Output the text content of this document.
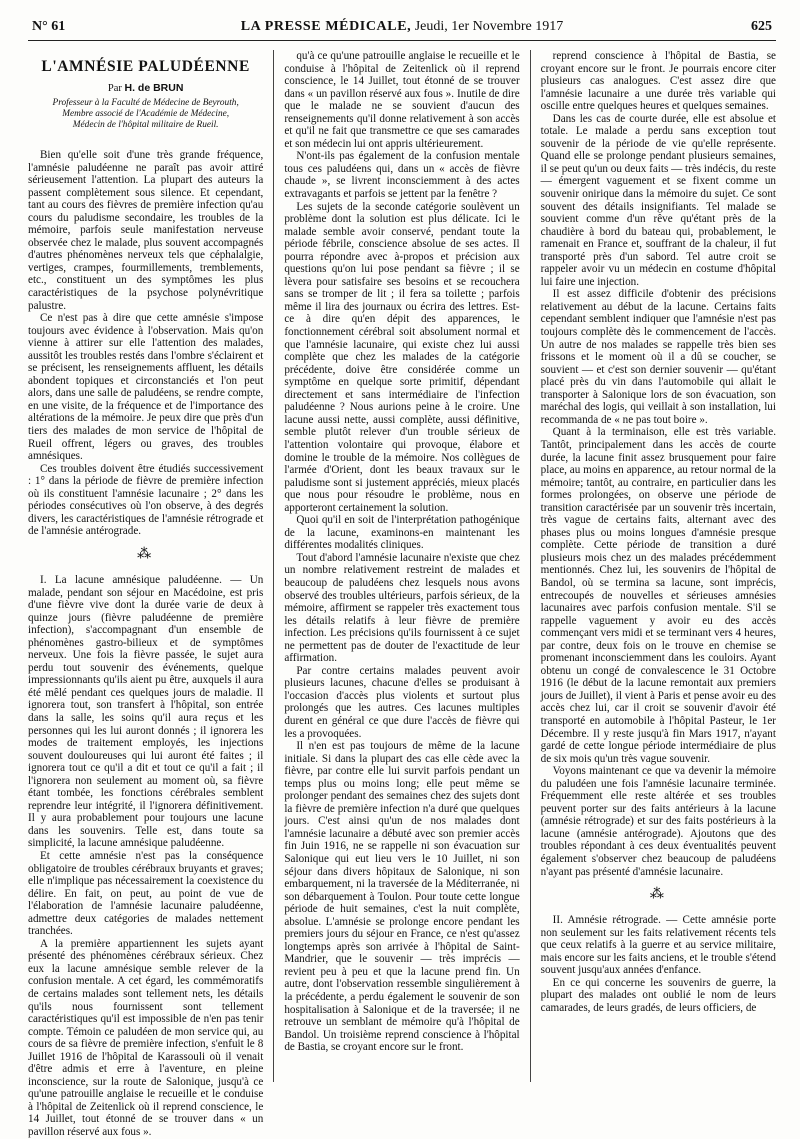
N° 61	LA PRESSE MÉDICALE, Jeudi, 1er Novembre 1917	625
L'AMNÉSIE PALUDÉENNE
Par H. de BRUN
Professeur à la Faculté de Médecine de Beyrouth,
Membre associé de l'Académie de Médecine,
Médecin de l'hôpital militaire de Rueil.

Bien qu'elle soit d'une très grande fréquence, l'amnésie paludéenne ne paraît pas avoir attiré sérieusement l'attention. La plupart des auteurs la passent complètement sous silence. Et cependant, tant au cours des fièvres de première infection qu'au cours du paludisme secondaire, les troubles de la mémoire, parfois seule manifestation nerveuse observée chez le malade, plus souvent accompagnés d'autres phénomènes nerveux tels que céphalalgie, vertiges, crampes, fourmillements, tremblements, etc., constituent un des symptômes les plus caractéristiques de la psychose polynévritique palustre.

Ce n'est pas à dire que cette amnésie s'impose toujours avec évidence à l'observation. Mais qu'on vienne à attirer sur elle l'attention des malades, aussitôt les troubles restés dans l'ombre s'éclairent et se précisent, les renseignements affluent, les détails abondent topiques et circonstanciés et l'on peut alors, dans une salle de paludéens, se rendre compte, en une visite, de la fréquence et de l'importance des altérations de la mémoire. Je peux dire que près d'un tiers des malades de mon service de l'hôpital de Rueil offrent, légers ou graves, des troubles amnésiques.

Ces troubles doivent être étudiés successivement : 1° dans la période de fièvre de première infection où ils constituent l'amnésie lacunaire ; 2° dans les périodes consécutives où l'on observe, à des degrés divers, les caractéristiques de l'amnésie rétrograde et de l'amnésie antérograde.

⁂

I. La lacune amnésique paludéenne. — Un malade, pendant son séjour en Macédoine, est pris d'une fièvre vive dont la durée varie de deux à quinze jours (fièvre paludéenne de première infection), s'accompagnant d'un ensemble de phénomènes gastro-bilieux et de symptômes nerveux. Une fois la fièvre passée, le sujet aura perdu tout souvenir des événements, quelque impressionnants qu'ils aient pu être, auxquels il aura été mêlé pendant ces quelques jours de maladie. Il ignorera tout, son transfert à l'hôpital, son entrée dans la salle, les soins qu'il aura reçus et les personnes qui les lui auront donnés ; il ignorera les modes de traitement employés, les injections souvent douloureuses qui lui auront été faites ; il ignorera tout ce qu'il a dit et tout ce qu'il a fait ; il l'ignorera non seulement au moment où, sa fièvre étant tombée, les fonctions cérébrales semblent reprendre leur intégrité, il l'ignorera définitivement. Il y aura probablement pour toujours une lacune dans les souvenirs. Telle est, dans toute sa simplicité, la lacune amnésique paludéenne.

Et cette amnésie n'est pas la conséquence obligatoire de troubles cérébraux bruyants et graves; elle n'implique pas nécessairement la coexistence du délire. En fait, on peut, au point de vue de l'élaboration de l'amnésie lacunaire paludéenne, admettre deux catégories de malades nettement tranchées.

A la première appartiennent les sujets ayant présenté des phénomènes cérébraux sérieux. Chez eux la lacune amnésique semble relever de la confusion mentale. A cet égard, les commémoratifs de certains malades sont tellement nets, les détails qu'ils nous fournissent sont tellement caractéristiques qu'il est impossible de n'en pas tenir compte. Témoin ce paludéen de mon service qui, au cours de sa fièvre de première infection, s'enfuit le 8 Juillet 1916 de l'hôpital de Karassouli où il venait d'être admis et erre à l'aventure, en pleine inconscience, sur la route de Salonique, jusqu'à ce qu'une patrouille anglaise le recueille et le conduise à l'hôpital de Zeitenlick où il reprend conscience, le 14 Juillet, tout étonné de se trouver dans « un pavillon réservé aux fous ».

qu'à ce qu'une patrouille anglaise le recueille et le conduise à l'hôpital de Zeitenlick où il reprend conscience, le 14 Juillet, tout étonné de se trouver dans « un pavillon réservé aux fous ». Inutile de dire que le malade ne se souvient d'aucun des renseignements qu'il donne relativement à son accès et qu'il ne fait que transmettre ce que ses camarades et son médecin lui ont appris ultérieurement.

N'ont-ils pas également de la confusion mentale tous ces paludéens qui, dans un « accès de fièvre chaude », se livrent inconsciemment à des actes extravagants et parfois se jettent par la fenêtre ?

Les sujets de la seconde catégorie soulèvent un problème dont la solution est plus délicate. Ici le malade semble avoir conservé, pendant toute la période fébrile, conscience absolue de ses actes. Il pourra répondre avec à-propos et précision aux questions qu'on lui pose pendant sa fièvre ; il se lèvera pour satisfaire ses besoins et se recouchera sans se tromper de lit ; il fera sa toilette ; parfois même il lira des journaux ou écrira des lettres. Est-ce à dire qu'en dépit des apparences, le fonctionnement cérébral soit absolument normal et que l'amnésie lacunaire, qui existe chez lui aussi complète que chez les malades de la catégorie précédente, doive être considérée comme un symptôme en quelque sorte primitif, dépendant directement et sans intermédiaire de l'infection paludéenne ? Nous aurions peine à le croire. Une lacune aussi nette, aussi complète, aussi définitive, semble plutôt relever d'un trouble sérieux de l'attention volontaire qui provoque, élabore et domine le trouble de la mémoire. Nos collègues de l'armée d'Orient, dont les beaux travaux sur le paludisme sont si justement appréciés, mieux placés que nous pour résoudre le problème, nous en apporteront certainement la solution.

Quoi qu'il en soit de l'interprétation pathogénique de la lacune, examinons-en maintenant les différentes modalités cliniques.

Tout d'abord l'amnésie lacunaire n'existe que chez un nombre relativement restreint de malades et beaucoup de paludéens chez lesquels nous avons observé des troubles ultérieurs, parfois sérieux, de la mémoire, affirment se rappeler très exactement tous les détails relatifs à leur fièvre de première infection. Les précisions qu'ils fournissent à ce sujet ne permettent pas de douter de l'exactitude de leur affirmation.

Par contre certains malades peuvent avoir plusieurs lacunes, chacune d'elles se produisant à l'occasion d'accès plus violents et surtout plus prolongés que les autres. Ces lacunes multiples durent en général ce que dure l'accès de fièvre qui les a provoquées.

Il n'en est pas toujours de même de la lacune initiale. Si dans la plupart des cas elle cède avec la fièvre, par contre elle lui survit parfois pendant un temps plus ou moins long; elle peut même se prolonger pendant des semaines chez des sujets dont la fièvre de première infection n'a duré que quelques jours. C'est ainsi qu'un de nos malades dont l'amnésie lacunaire a débuté avec son premier accès fin Juin 1916, ne se rappelle ni son évacuation sur Salonique qui eut lieu vers le 10 Juillet, ni son séjour dans divers hôpitaux de Salonique, ni son embarquement, ni la traversée de la Méditerranée, ni son débarquement à Toulon. Pour toute cette longue période de huit semaines, c'est la nuit complète, absolue. L'amnésie se prolonge encore pendant les premiers jours du séjour en France, ce n'est qu'assez longtemps après son arrivée à l'hôpital de Saint-Mandrier, que le souvenir — très imprécis — revient peu à peu et que la lacune prend fin. Un autre, dont l'observation ressemble singulièrement à la précédente, a perdu également le souvenir de son hospitalisation à Salonique et de la traversée; il ne retrouve un semblant de mémoire qu'à l'hôpital de Bandol. Un troisième reprend conscience à l'hôpital de Bastia, se croyant encore sur le front.

reprend conscience à l'hôpital de Bastia, se croyant encore sur le front. Je pourrais encore citer plusieurs cas analogues. C'est assez dire que l'amnésie lacunaire a une durée très variable qui oscille entre quelques heures et quelques semaines.

Dans les cas de courte durée, elle est absolue et totale. Le malade a perdu sans exception tout souvenir de la période de vie qu'elle représente. Quand elle se prolonge pendant plusieurs semaines, il se peut qu'un ou deux faits — très indécis, du reste — émergent vaguement et se fixent comme un souvenir onirique dans la mémoire du sujet. Ce sont souvent des détails insignifiants. Tel malade se souvient comme d'un rêve qu'étant près de la chaudière à bord du bateau qui, probablement, le ramenait en France et, souffrant de la chaleur, il fut transporté près d'un sabord. Tel autre croit se rappeler avoir vu un médecin en costume d'hôpital lui faire une injection.

Il est assez difficile d'obtenir des précisions relativement au début de la lacune. Certains faits cependant semblent indiquer que l'amnésie n'est pas toujours complète dès le commencement de l'accès. Un autre de nos malades se rappelle très bien ses frissons et le moment où il a dû se coucher, se souvient — et c'est son dernier souvenir — qu'étant placé près du vin dans l'automobile qui allait le transporter à Salonique lors de son évacuation, son maréchal des logis, qui veillait à son installation, lui recommanda de « ne pas tout boire ».

Quant à la terminaison, elle est très variable. Tantôt, principalement dans les accès de courte durée, la lacune finit assez brusquement pour faire place, au moins en apparence, au retour normal de la mémoire; tantôt, au contraire, en particulier dans les formes prolongées, on observe une période de transition caractérisée par un souvenir très incertain, très vague de certains faits, alternant avec des phases plus ou moins longues d'amnésie presque complète. Cette période de transition a duré plusieurs mois chez un des malades précédemment mentionnés. Chez lui, les souvenirs de l'hôpital de Bandol, où se termina sa lacune, sont imprécis, entrecoupés de nouvelles et sérieuses amnésies lacunaires avec parfois confusion mentale. S'il se rappelle vaguement y avoir eu des accès commençant vers midi et se terminant vers 4 heures, par contre, deux fois on le trouve en chemise se promenant inconsciemment dans les couloirs. Ayant obtenu un congé de convalescence le 31 Octobre 1916 (le début de la lacune remontait aux premiers jours de Juillet), il vient à Paris et pense avoir eu des accès chez lui, car il croit se souvenir d'avoir été transporté en automobile à l'hôpital Pasteur, le 1er Décembre. Il y reste jusqu'à fin Mars 1917, n'ayant gardé de cette longue période intermédiaire de plus de six mois qu'un très vague souvenir.

Voyons maintenant ce que va devenir la mémoire du paludéen une fois l'amnésie lacunaire terminée. Fréquemment elle reste altérée et ses troubles peuvent porter sur des faits antérieurs à la lacune (amnésie rétrograde) et sur des faits postérieurs à la lacune (amnésie antérograde). Ajoutons que des troubles répondant à ces deux éventualités peuvent également s'observer chez beaucoup de paludéens n'ayant pas présenté d'amnésie lacunaire.

⁂

II. Amnésie rétrograde. — Cette amnésie porte non seulement sur les faits relativement récents tels que ceux relatifs à la guerre et au service militaire, mais encore sur les faits anciens, et le trouble s'étend souvent jusqu'aux années d'enfance.

En ce qui concerne les souvenirs de guerre, la plupart des malades ont oublié le nom de leurs camarades, de leurs gradés, de leurs officiers, de
